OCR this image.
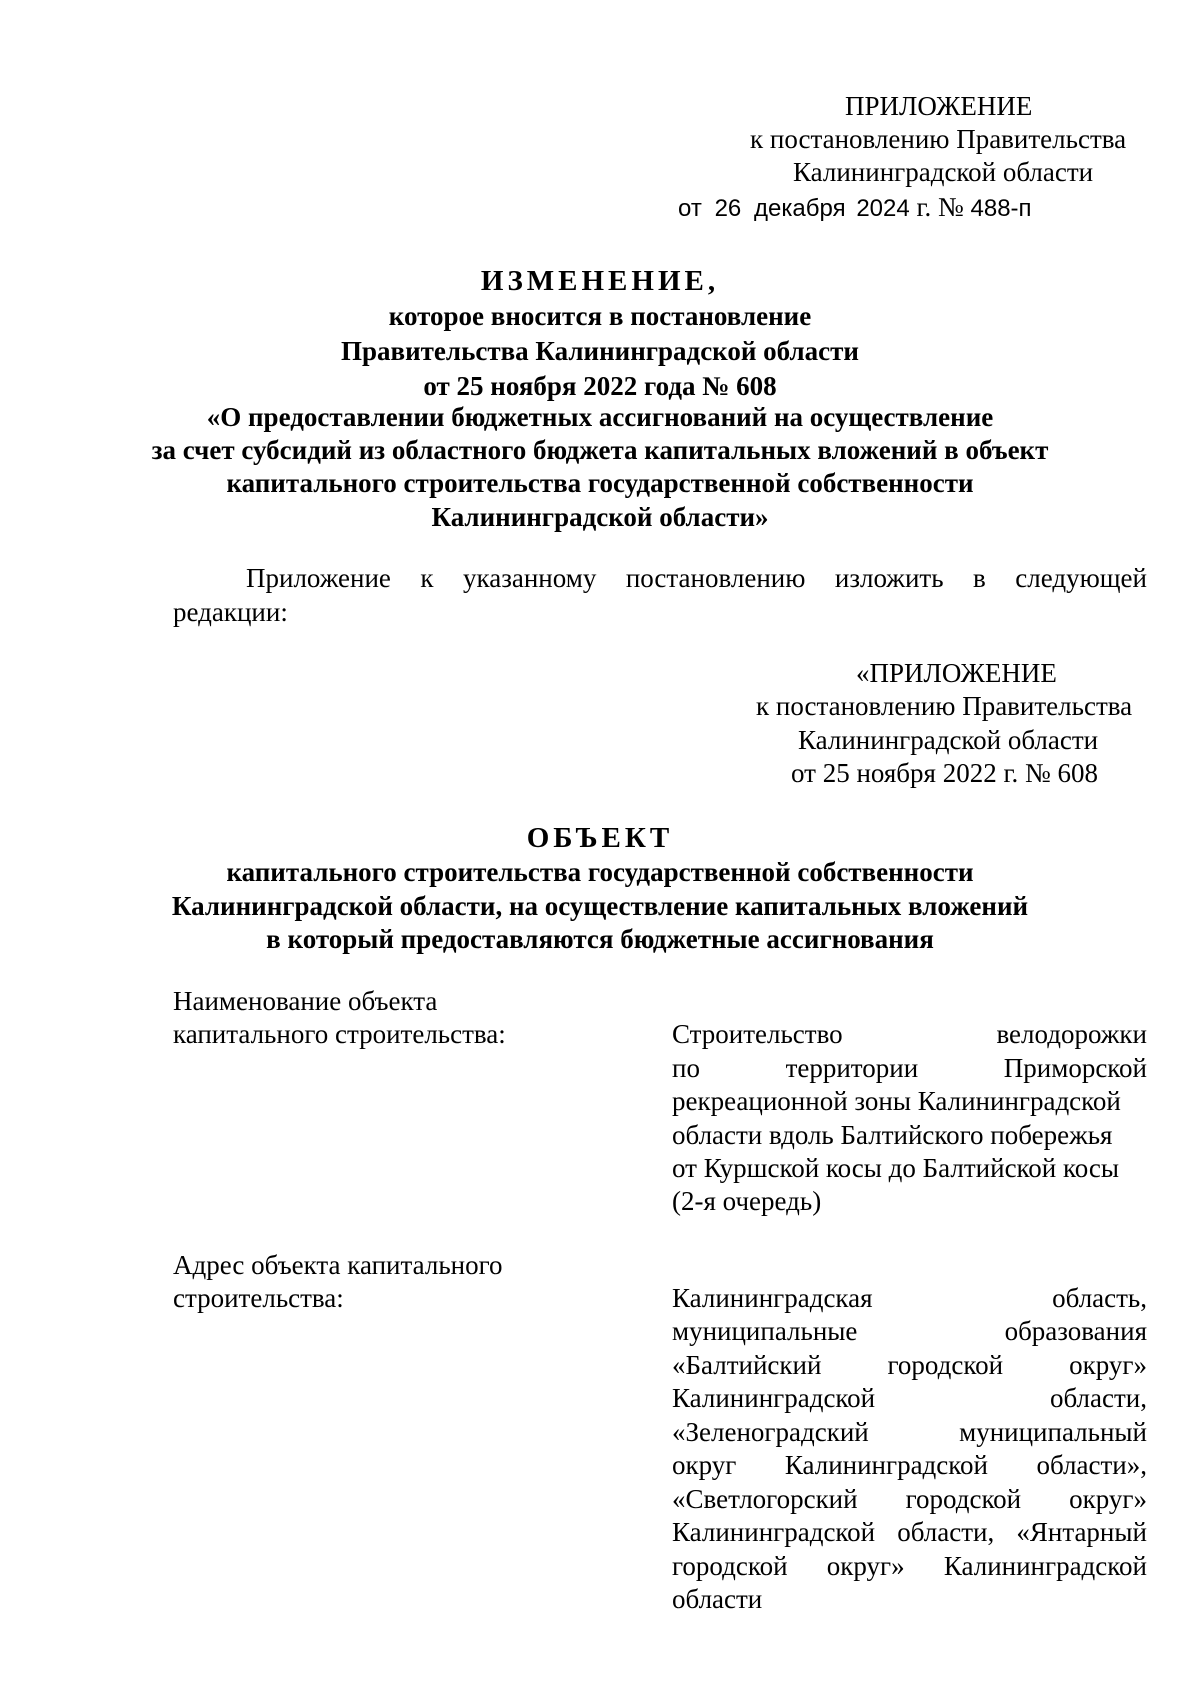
ПРИЛОЖЕНИЕ
к постановлению Правительства
Калининградской области
от 26 декабря 2024 г. № 488-п
ИЗМЕНЕНИЕ,
которое вносится в постановление
Правительства Калининградской области
от 25 ноября 2022 года № 608
«О предоставлении бюджетных ассигнований на осуществление
за счет субсидий из областного бюджета капитальных вложений в объект
капитального строительства государственной собственности
Калининградской области»
Приложение к указанному постановлению изложить в следующей
редакции:
«ПРИЛОЖЕНИЕ
к постановлению Правительства
Калининградской области
от 25 ноября 2022 г. № 608
ОБЪЕКТ
капитального строительства государственной собственности
Калининградской области, на осуществление капитальных вложений
в который предоставляются бюджетные ассигнования
Наименование объекта
капитального строительства:	Строительство	велодорожки
по	территории	Приморской
рекреационной зоны Калининградской
области вдоль Балтийского побережья
от Куршской косы до Балтийской косы
(2-я очередь)
Адрес объекта капитального
строительства:	Калининградская	область,
муниципальные	образования
«Балтийский городской округ»
Калининградской	области,
«Зеленоградский	муниципальный
округ Калининградской области»,
«Светлогорский городской округ»
Калининградской области, «Янтарный
городской округ» Калининградской
области
